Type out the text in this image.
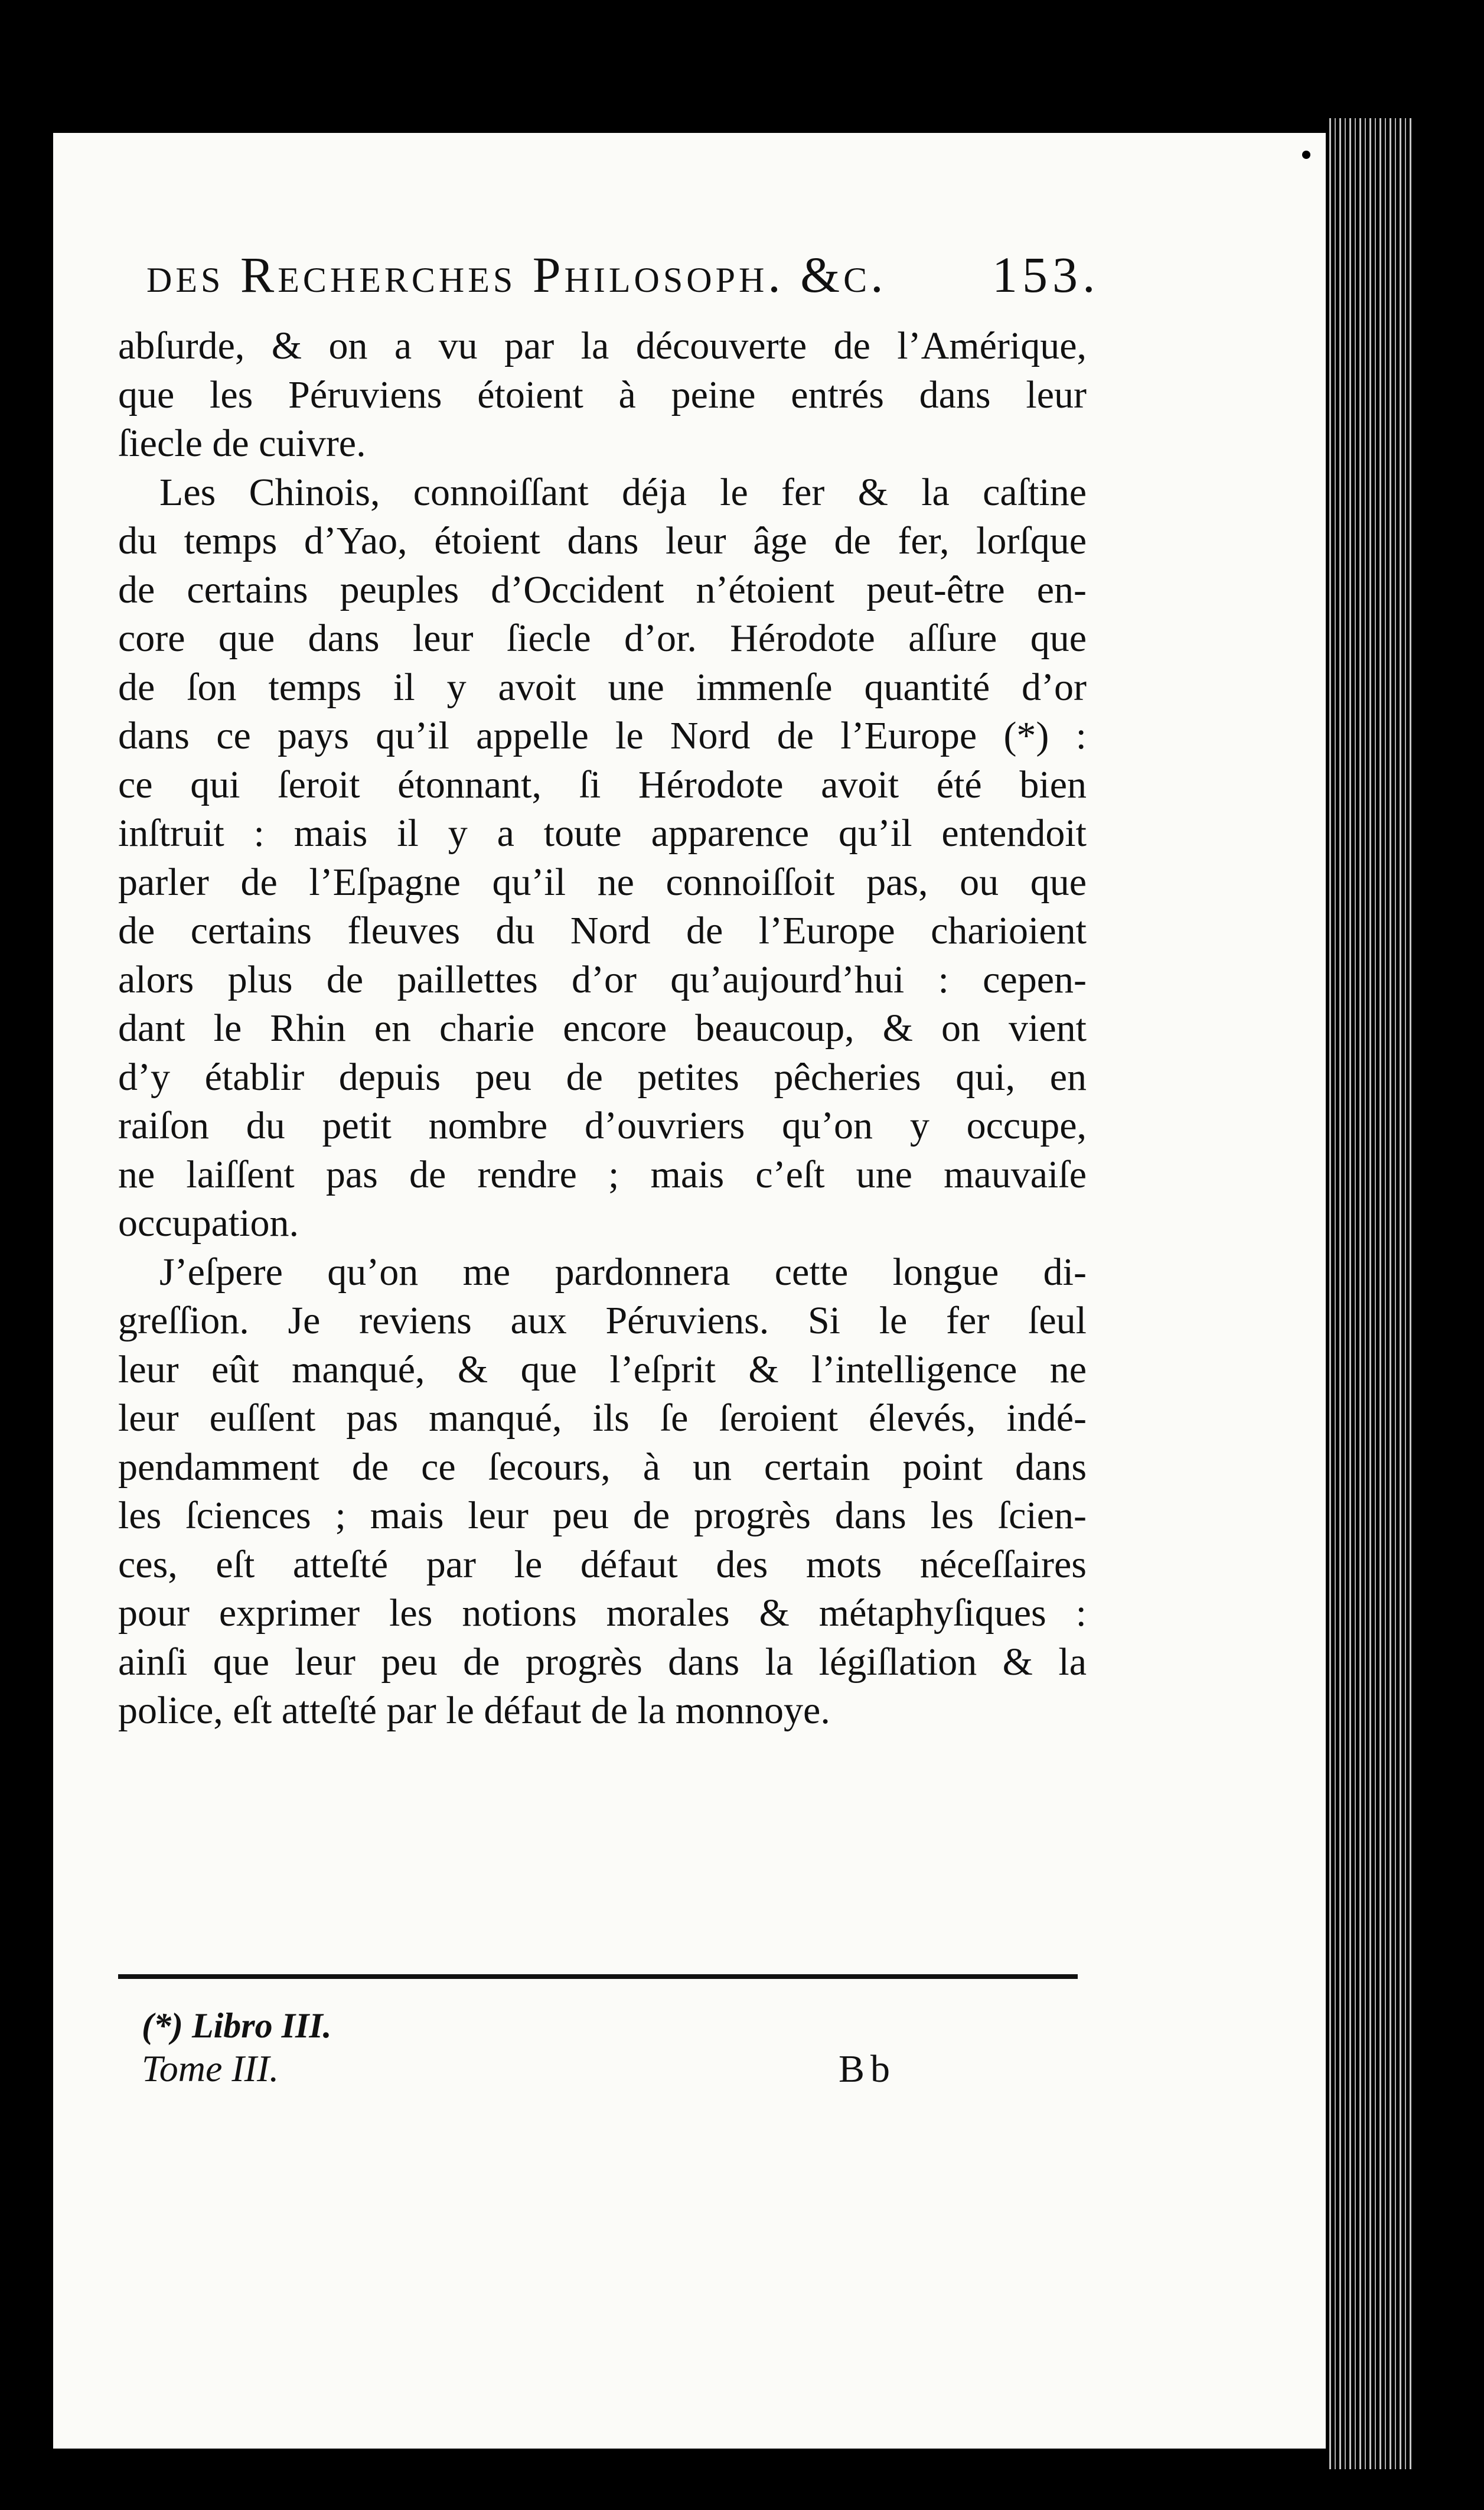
des Recherches Philosoph. &c.	153.
abſurde, & on a vu par la découverte de l’Amérique,
que les Péruviens étoient à peine entrés dans leur
ſiecle de cuivre.
Les Chinois, connoiſſant déja le fer & la caſtine
du temps d’Yao, étoient dans leur âge de fer, lorſque
de certains peuples d’Occident n’étoient peut-être en-
core que dans leur ſiecle d’or. Hérodote aſſure que
de ſon temps il y avoit une immenſe quantité d’or
dans ce pays qu’il appelle le Nord de l’Europe (*) :
ce qui ſeroit étonnant, ſi Hérodote avoit été bien
inſtruit : mais il y a toute apparence qu’il entendoit
parler de l’Eſpagne qu’il ne connoiſſoit pas, ou que
de certains fleuves du Nord de l’Europe charioient
alors plus de paillettes d’or qu’aujourd’hui : cepen-
dant le Rhin en charie encore beaucoup, & on vient
d’y établir depuis peu de petites pêcheries qui, en
raiſon du petit nombre d’ouvriers qu’on y occupe,
ne laiſſent pas de rendre ; mais c’eſt une mauvaiſe
occupation.
J’eſpere qu’on me pardonnera cette longue di-
greſſion. Je reviens aux Péruviens. Si le fer ſeul
leur eût manqué, & que l’eſprit & l’intelligence ne
leur euſſent pas manqué, ils ſe ſeroient élevés, indé-
pendamment de ce ſecours, à un certain point dans
les ſciences ; mais leur peu de progrès dans les ſcien-
ces, eſt atteſté par le défaut des mots néceſſaires
pour exprimer les notions morales & métaphyſiques :
ainſi que leur peu de progrès dans la légiſlation & la
police, eſt atteſté par le défaut de la monnoye.
(*) Libro III.
Tome III.	Bb
